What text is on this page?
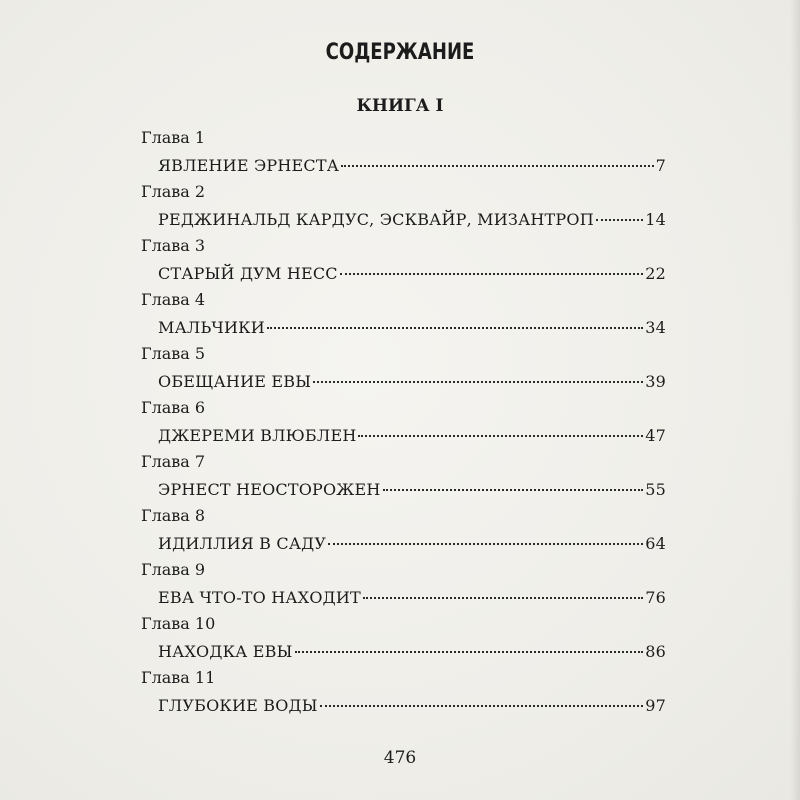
СОДЕРЖАНИЕ
КНИГА I
Глава 1
ЯВЛЕНИЕ ЭРНЕСТА	7
Глава 2
РЕДЖИНАЛЬД КАРДУС, ЭСКВАЙР, МИЗАНТРОП	14
Глава 3
СТАРЫЙ ДУМ НЕСС	22
Глава 4
МАЛЬЧИКИ	34
Глава 5
ОБЕЩАНИЕ ЕВЫ	39
Глава 6
ДЖЕРЕМИ ВЛЮБЛЕН	47
Глава 7
ЭРНЕСТ НЕОСТОРОЖЕН	55
Глава 8
ИДИЛЛИЯ В САДУ	64
Глава 9
ЕВА ЧТО-ТО НАХОДИТ	76
Глава 10
НАХОДКА ЕВЫ	86
Глава 11
ГЛУБОКИЕ ВОДЫ	97
476
